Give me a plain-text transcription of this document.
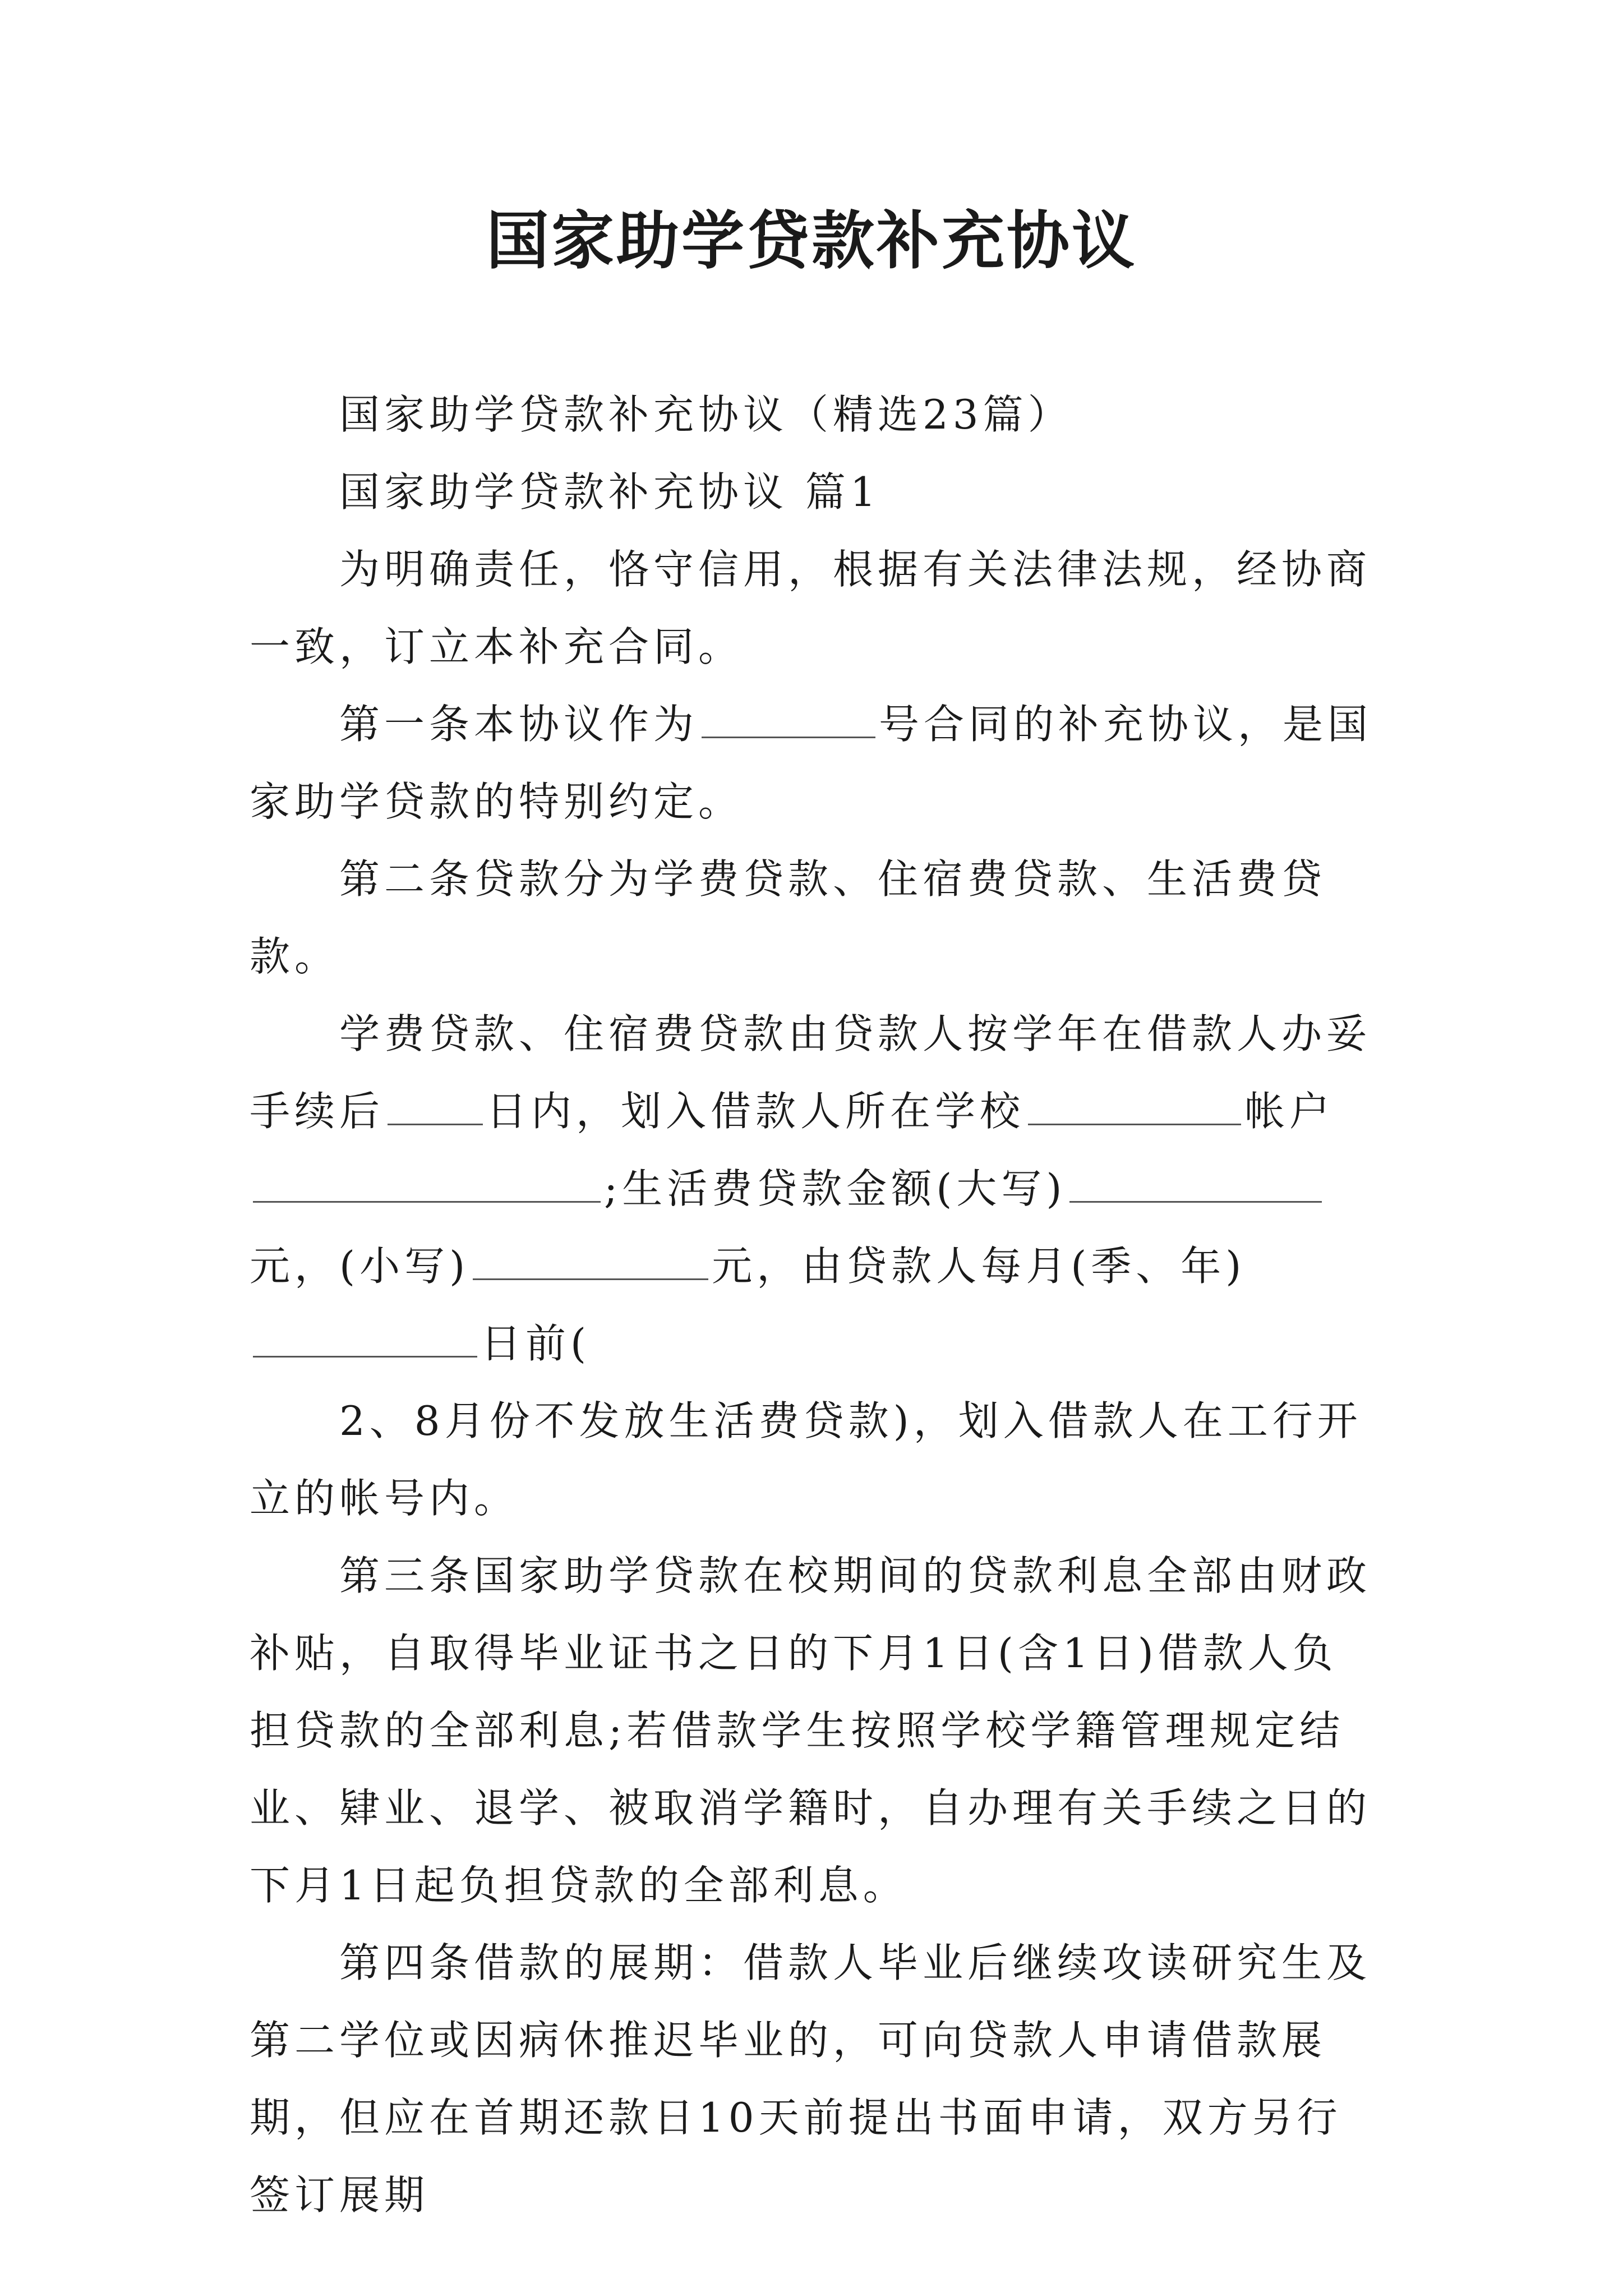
国家助学贷款补充协议

国家助学贷款补充协议（精选23篇）

国家助学贷款补充协议 篇1

为明确责任，恪守信用，根据有关法律法规，经协商一致，订立本补充合同。

第一条本协议作为	号合同的补充协议，是国家助学贷款的特别约定。

第二条贷款分为学费贷款、住宿费贷款、生活费贷款。

学费贷款、住宿费贷款由贷款人按学年在借款人办妥手续后	日内，划入借款人所在学校	帐户;生活费贷款金额(大写)元，(小写)	元，由贷款人每月(季、年)日前(

2、8月份不发放生活费贷款)，划入借款人在工行开立的帐号内。

第三条国家助学贷款在校期间的贷款利息全部由财政补贴，自取得毕业证书之日的下月1日(含1日)借款人负担贷款的全部利息;若借款学生按照学校学籍管理规定结业、肄业、退学、被取消学籍时，自办理有关手续之日的下月1日起负担贷款的全部利息。

第四条借款的展期：借款人毕业后继续攻读研究生及第二学位或因病休推迟毕业的，可向贷款人申请借款展期，但应在首期还款日10天前提出书面申请，双方另行签订展期
